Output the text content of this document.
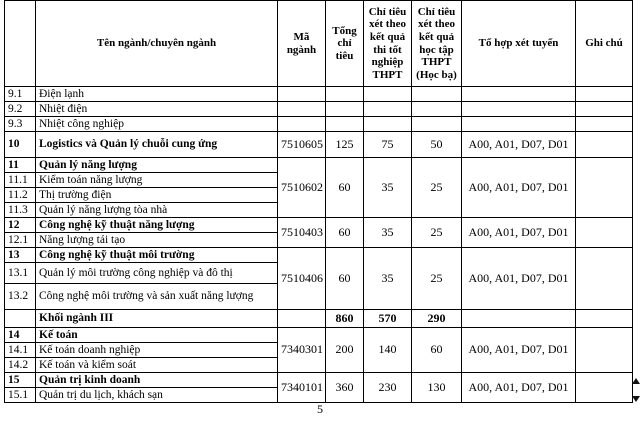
	Tên ngành/chuyên ngành	Mã ngành	Tổng chỉ tiêu	Chỉ tiêu xét theo kết quả thi tốt nghiệp THPT	Chỉ tiêu xét theo kết quả học tập THPT (Học bạ)	Tổ hợp xét tuyển	Ghi chú
9.1	Điện lạnh						
9.2	Nhiệt điện						
9.3	Nhiệt công nghiệp						
10	Logistics và Quản lý chuỗi cung ứng	7510605	125	75	50	A00, A01, D07, D01	
11	Quản lý năng lượng	7510602	60	35	25	A00, A01, D07, D01	
11.1	Kiểm toán năng lượng						
11.2	Thị trường điện						
11.3	Quản lý năng lượng tòa nhà						
12	Công nghệ kỹ thuật năng lượng	7510403	60	35	25	A00, A01, D07, D01	
12.1	Năng lượng tái tạo						
13	Công nghệ kỹ thuật môi trường	7510406	60	35	25	A00, A01, D07, D01	
13.1	Quản lý môi trường công nghiệp và đô thị						
13.2	Công nghệ môi trường và sản xuất năng lượng						
	Khối ngành III		860	570	290		
14	Kế toán	7340301	200	140	60	A00, A01, D07, D01	
14.1	Kế toán doanh nghiệp						
14.2	Kế toán và kiểm soát						
15	Quản trị kinh doanh	7340101	360	230	130	A00, A01, D07, D01	
15.1	Quản trị du lịch, khách sạn						
5
